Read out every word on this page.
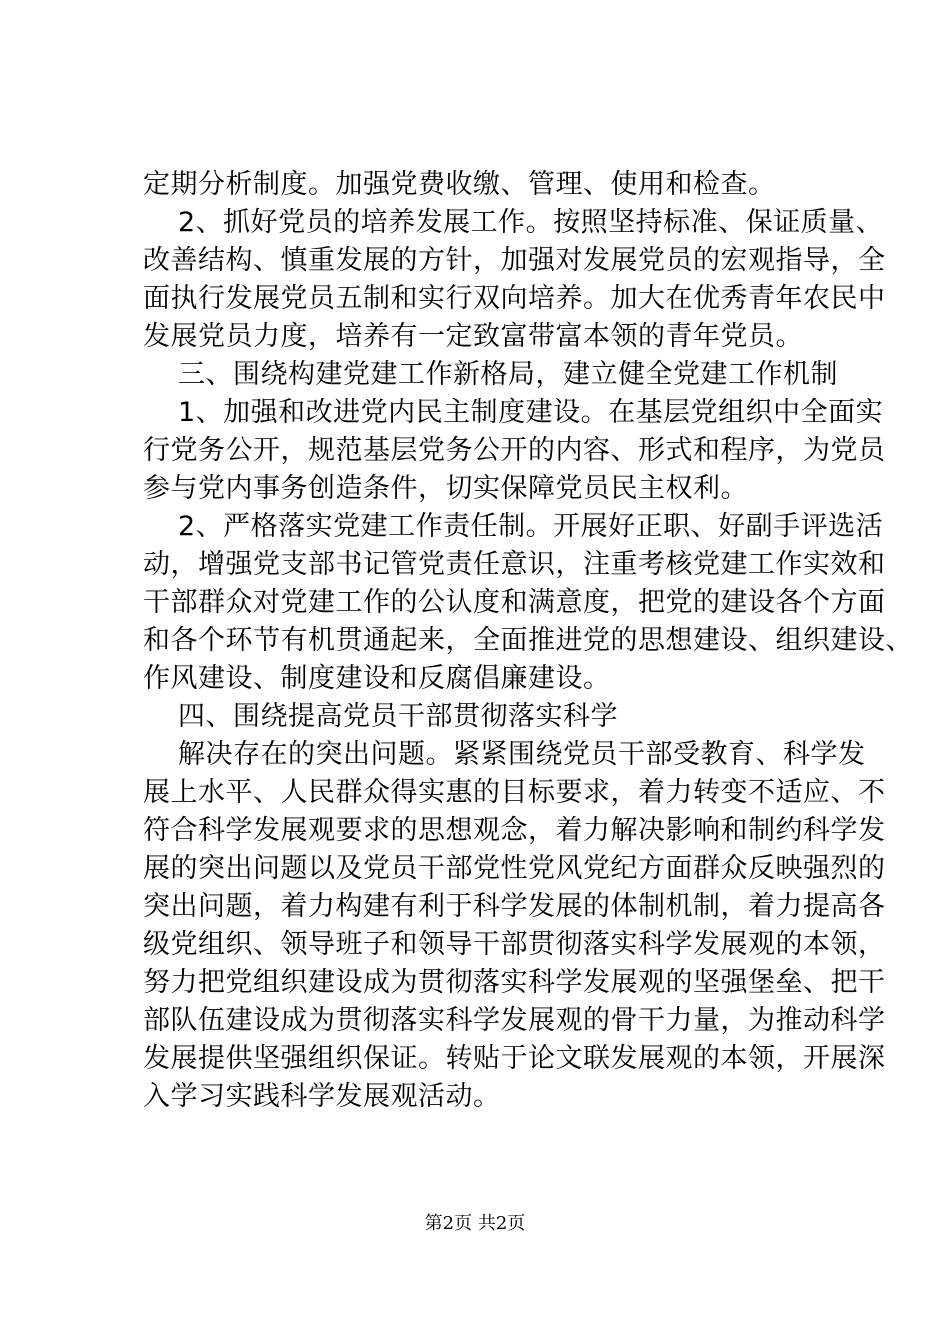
定期分析制度。加强党费收缴、管理、使用和检查。
2、抓好党员的培养发展工作。按照坚持标准、保证质量、
改善结构、慎重发展的方针，加强对发展党员的宏观指导，全
面执行发展党员五制和实行双向培养。加大在优秀青年农民中
发展党员力度，培养有一定致富带富本领的青年党员。
三、围绕构建党建工作新格局，建立健全党建工作机制
1、加强和改进党内民主制度建设。在基层党组织中全面实
行党务公开，规范基层党务公开的内容、形式和程序，为党员
参与党内事务创造条件，切实保障党员民主权利。
2、严格落实党建工作责任制。开展好正职、好副手评选活
动，增强党支部书记管党责任意识，注重考核党建工作实效和
干部群众对党建工作的公认度和满意度，把党的建设各个方面
和各个环节有机贯通起来，全面推进党的思想建设、组织建设、
作风建设、制度建设和反腐倡廉建设。
四、围绕提高党员干部贯彻落实科学
解决存在的突出问题。紧紧围绕党员干部受教育、科学发
展上水平、人民群众得实惠的目标要求，着力转变不适应、不
符合科学发展观要求的思想观念，着力解决影响和制约科学发
展的突出问题以及党员干部党性党风党纪方面群众反映强烈的
突出问题，着力构建有利于科学发展的体制机制，着力提高各
级党组织、领导班子和领导干部贯彻落实科学发展观的本领，
努力把党组织建设成为贯彻落实科学发展观的坚强堡垒、把干
部队伍建设成为贯彻落实科学发展观的骨干力量，为推动科学
发展提供坚强组织保证。转贴于论文联发展观的本领，开展深
入学习实践科学发展观活动。
第2页 共2页
